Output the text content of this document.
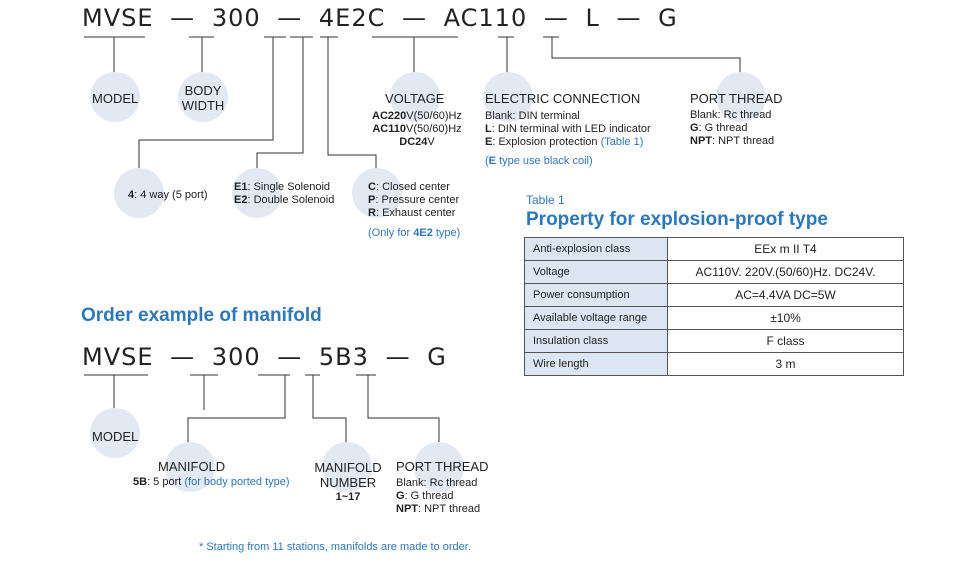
MVSE — 300 — 4E2C — AC110 — L — G
MODEL
BODY
WIDTH	VOLTAGE
AC220V(50/60)Hz
AC110V(50/60)Hz
DC24V
ELECTRIC CONNECTION
Blank: DIN terminal
L: DIN terminal with LED indicator
E: Explosion protection (Table 1)
(E type use black coil)
PORT THREAD
Blank: Rc thread
G: G thread
NPT: NPT thread
4: 4 way (5 port)
E1: Single Solenoid
E2: Double Solenoid
C: Closed center
P: Pressure center
R: Exhaust center
(Only for 4E2 type)
Table 1
Property for explosion-proof type
Anti-explosion class	EEx m II T4
Voltage	AC110V. 220V.(50/60)Hz. DC24V.
Power consumption	AC=4.4VA DC=5W
Available voltage range	±10%
Insulation class	F class
Wire length	3 m
Order example of manifold
MVSE — 300 — 5B3 — G
MODEL
MANIFOLD
5B: 5 port (for body ported type)
MANIFOLD
NUMBER
1~17
PORT THREAD
Blank: Rc thread
G: G thread
NPT: NPT thread
* Starting from 11 stations, manifolds are made to order.
